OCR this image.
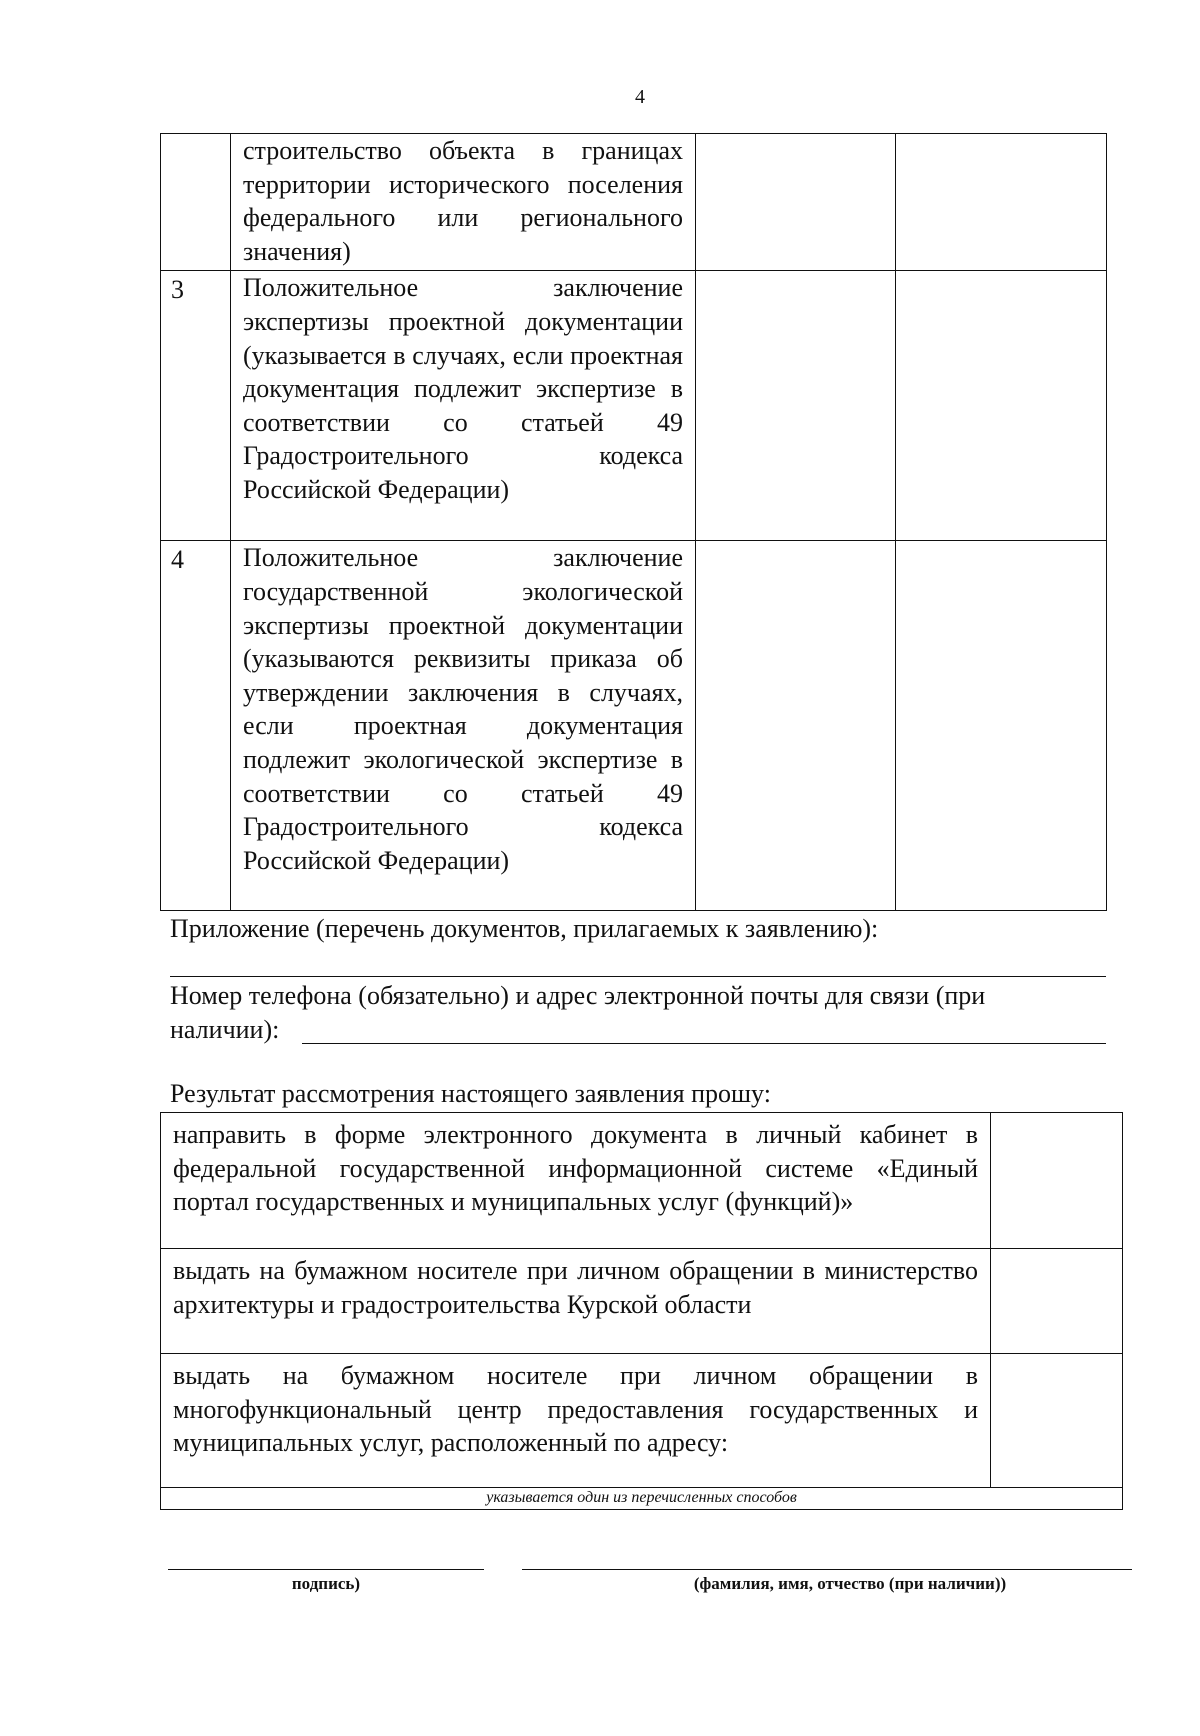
4
	строительство объекта в границах территории исторического поселения федерального или регионального значения)		
3	Положительное заключение экспертизы проектной документации (указывается в случаях, если проектная документация подлежит экспертизе в соответствии со статьей 49 Градостроительного кодекса Российской Федерации)		
4	Положительное заключение государственной экологической экспертизы проектной документации (указываются реквизиты приказа об утверждении заключения в случаях, если проектная документация подлежит экологической экспертизе в соответствии со статьей 49 Градостроительного кодекса Российской Федерации)		
Приложение (перечень документов, прилагаемых к заявлению):
Номер телефона (обязательно) и адрес электронной почты для связи (при
наличии):
Результат рассмотрения настоящего заявления прошу:
направить в форме электронного документа в личный кабинет в федеральной государственной информационной системе «Единый портал государственных и муниципальных услуг (функций)»	
выдать на бумажном носителе при личном обращении в министерство архитектуры и градостроительства Курской области	
выдать на бумажном носителе при личном обращении в многофункциональный центр предоставления государственных и муниципальных услуг, расположенный по адресу:	
указывается один из перечисленных способов	
подпись)	(фамилия, имя, отчество (при наличии))
